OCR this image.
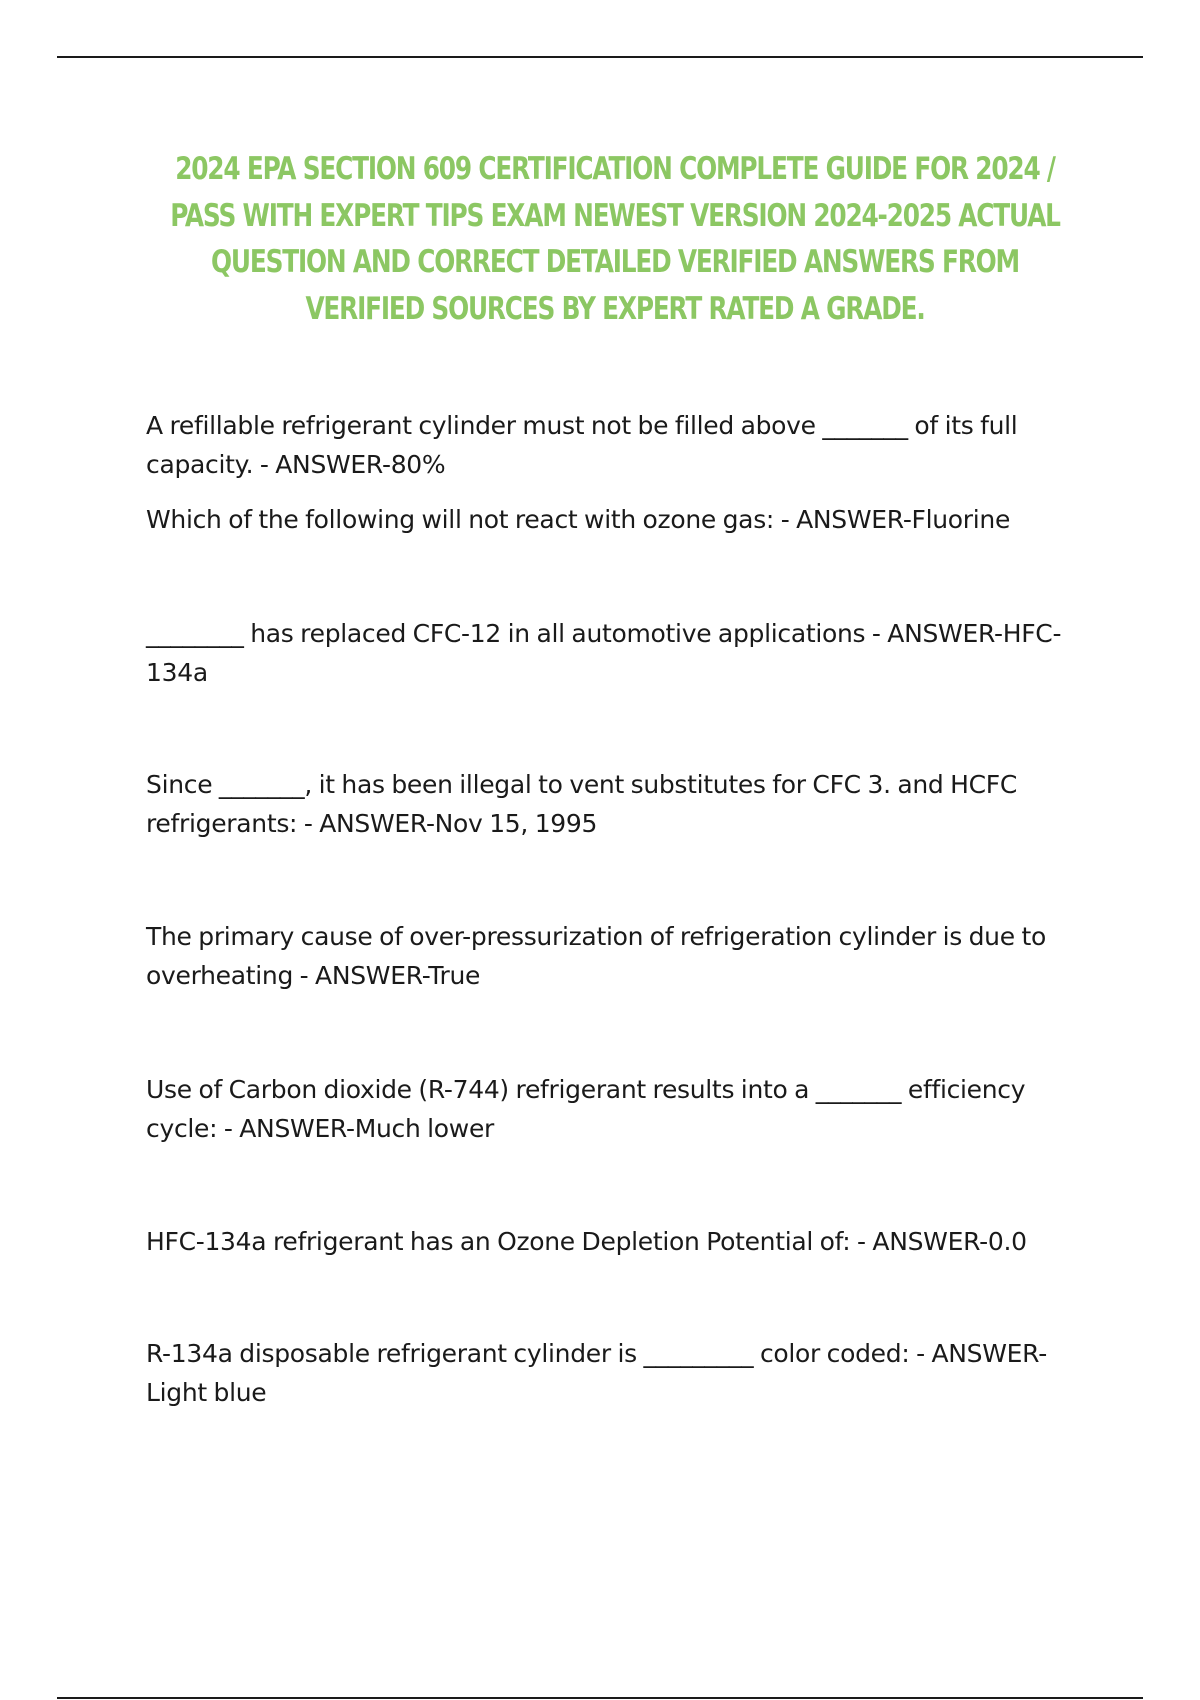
2024 EPA SECTION 609 CERTIFICATION COMPLETE GUIDE FOR 2024 / PASS WITH EXPERT TIPS EXAM NEWEST VERSION 2024-2025 ACTUAL QUESTION AND CORRECT DETAILED VERIFIED ANSWERS FROM VERIFIED SOURCES BY EXPERT RATED A GRADE.
A refillable refrigerant cylinder must not be filled above _______ of its full capacity. - ANSWER-80%
Which of the following will not react with ozone gas: - ANSWER-Fluorine
________ has replaced CFC-12 in all automotive applications - ANSWER-HFC-134a
Since _______, it has been illegal to vent substitutes for CFC 3. and HCFC refrigerants: - ANSWER-Nov 15, 1995
The primary cause of over-pressurization of refrigeration cylinder is due to overheating - ANSWER-True
Use of Carbon dioxide (R-744) refrigerant results into a _______ efficiency cycle: - ANSWER-Much lower
HFC-134a refrigerant has an Ozone Depletion Potential of: - ANSWER-0.0
R-134a disposable refrigerant cylinder is _________ color coded: - ANSWER-Light blue
